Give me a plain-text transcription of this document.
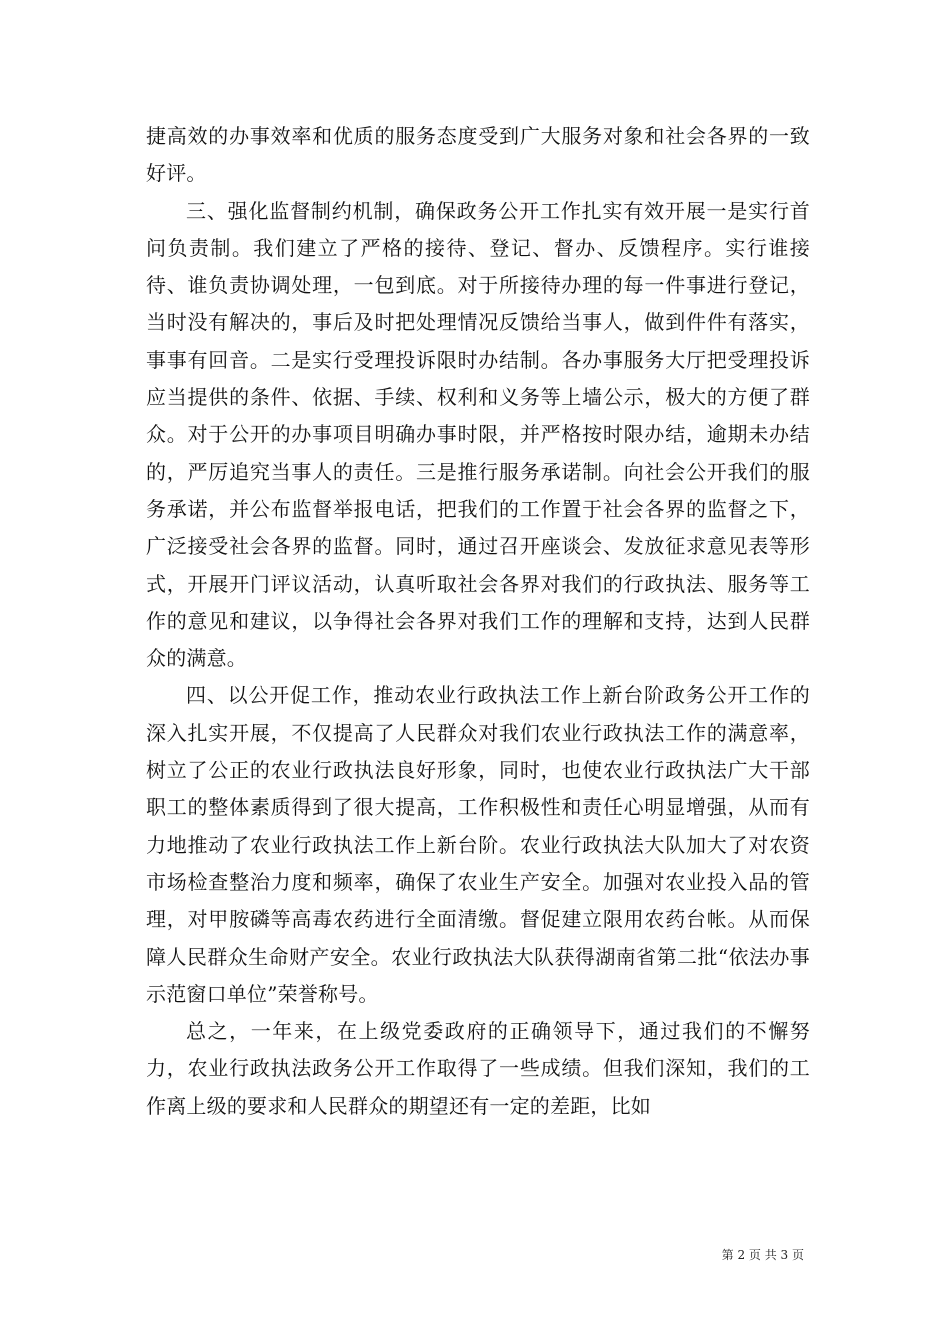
捷高效的办事效率和优质的服务态度受到广大服务对象和社会各界的一致好评。

三、强化监督制约机制，确保政务公开工作扎实有效开展一是实行首问负责制。我们建立了严格的接待、登记、督办、反馈程序。实行谁接待、谁负责协调处理，一包到底。对于所接待办理的每一件事进行登记，当时没有解决的，事后及时把处理情况反馈给当事人，做到件件有落实，事事有回音。二是实行受理投诉限时办结制。各办事服务大厅把受理投诉应当提供的条件、依据、手续、权利和义务等上墙公示，极大的方便了群众。对于公开的办事项目明确办事时限，并严格按时限办结，逾期未办结的，严厉追究当事人的责任。三是推行服务承诺制。向社会公开我们的服务承诺，并公布监督举报电话，把我们的工作置于社会各界的监督之下，广泛接受社会各界的监督。同时，通过召开座谈会、发放征求意见表等形式，开展开门评议活动，认真听取社会各界对我们的行政执法、服务等工作的意见和建议，以争得社会各界对我们工作的理解和支持，达到人民群众的满意。

四、以公开促工作，推动农业行政执法工作上新台阶政务公开工作的深入扎实开展，不仅提高了人民群众对我们农业行政执法工作的满意率，树立了公正的农业行政执法良好形象，同时，也使农业行政执法广大干部职工的整体素质得到了很大提高，工作积极性和责任心明显增强，从而有力地推动了农业行政执法工作上新台阶。农业行政执法大队加大了对农资市场检查整治力度和频率，确保了农业生产安全。加强对农业投入品的管理，对甲胺磷等高毒农药进行全面清缴。督促建立限用农药台帐。从而保障人民群众生命财产安全。农业行政执法大队获得湖南省第二批“依法办事示范窗口单位”荣誉称号。

总之，一年来，在上级党委政府的正确领导下，通过我们的不懈努力，农业行政执法政务公开工作取得了一些成绩。但我们深知，我们的工作离上级的要求和人民群众的期望还有一定的差距，比如

第 2 页 共 3 页
